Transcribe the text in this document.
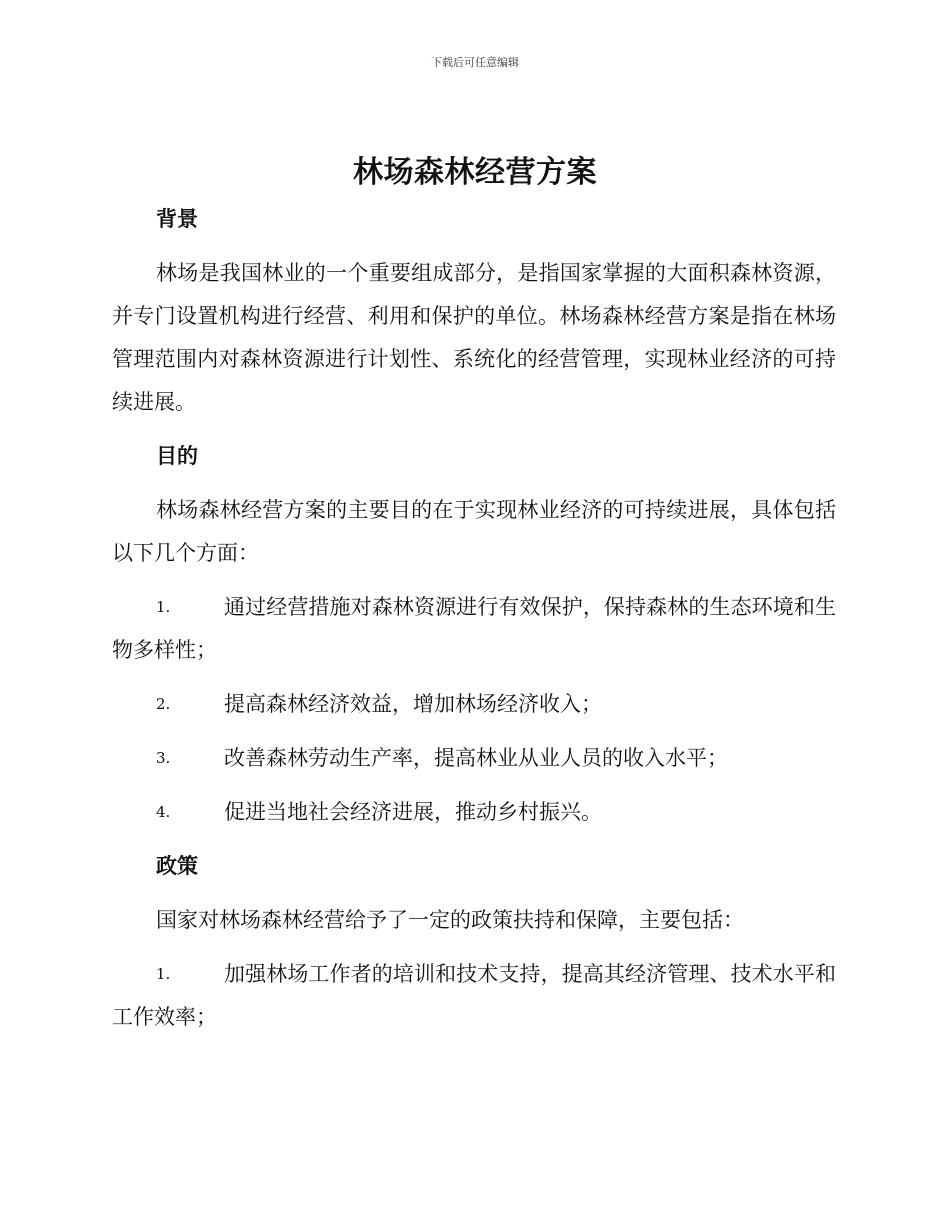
下载后可任意编辑
林场森林经营方案
背景

林场是我国林业的一个重要组成部分，是指国家掌握的大面积森林资源，并专门设置机构进行经营、利用和保护的单位。林场森林经营方案是指在林场管理范围内对森林资源进行计划性、系统化的经营管理，实现林业经济的可持续进展。

目的

林场森林经营方案的主要目的在于实现林业经济的可持续进展，具体包括以下几个方面：

1.	通过经营措施对森林资源进行有效保护，保持森林的生态环境和生物多样性；

2.	提高森林经济效益，增加林场经济收入；

3.	改善森林劳动生产率，提高林业从业人员的收入水平；

4.	促进当地社会经济进展，推动乡村振兴。

政策

国家对林场森林经营给予了一定的政策扶持和保障，主要包括：

1.	加强林场工作者的培训和技术支持，提高其经济管理、技术水平和工作效率；
